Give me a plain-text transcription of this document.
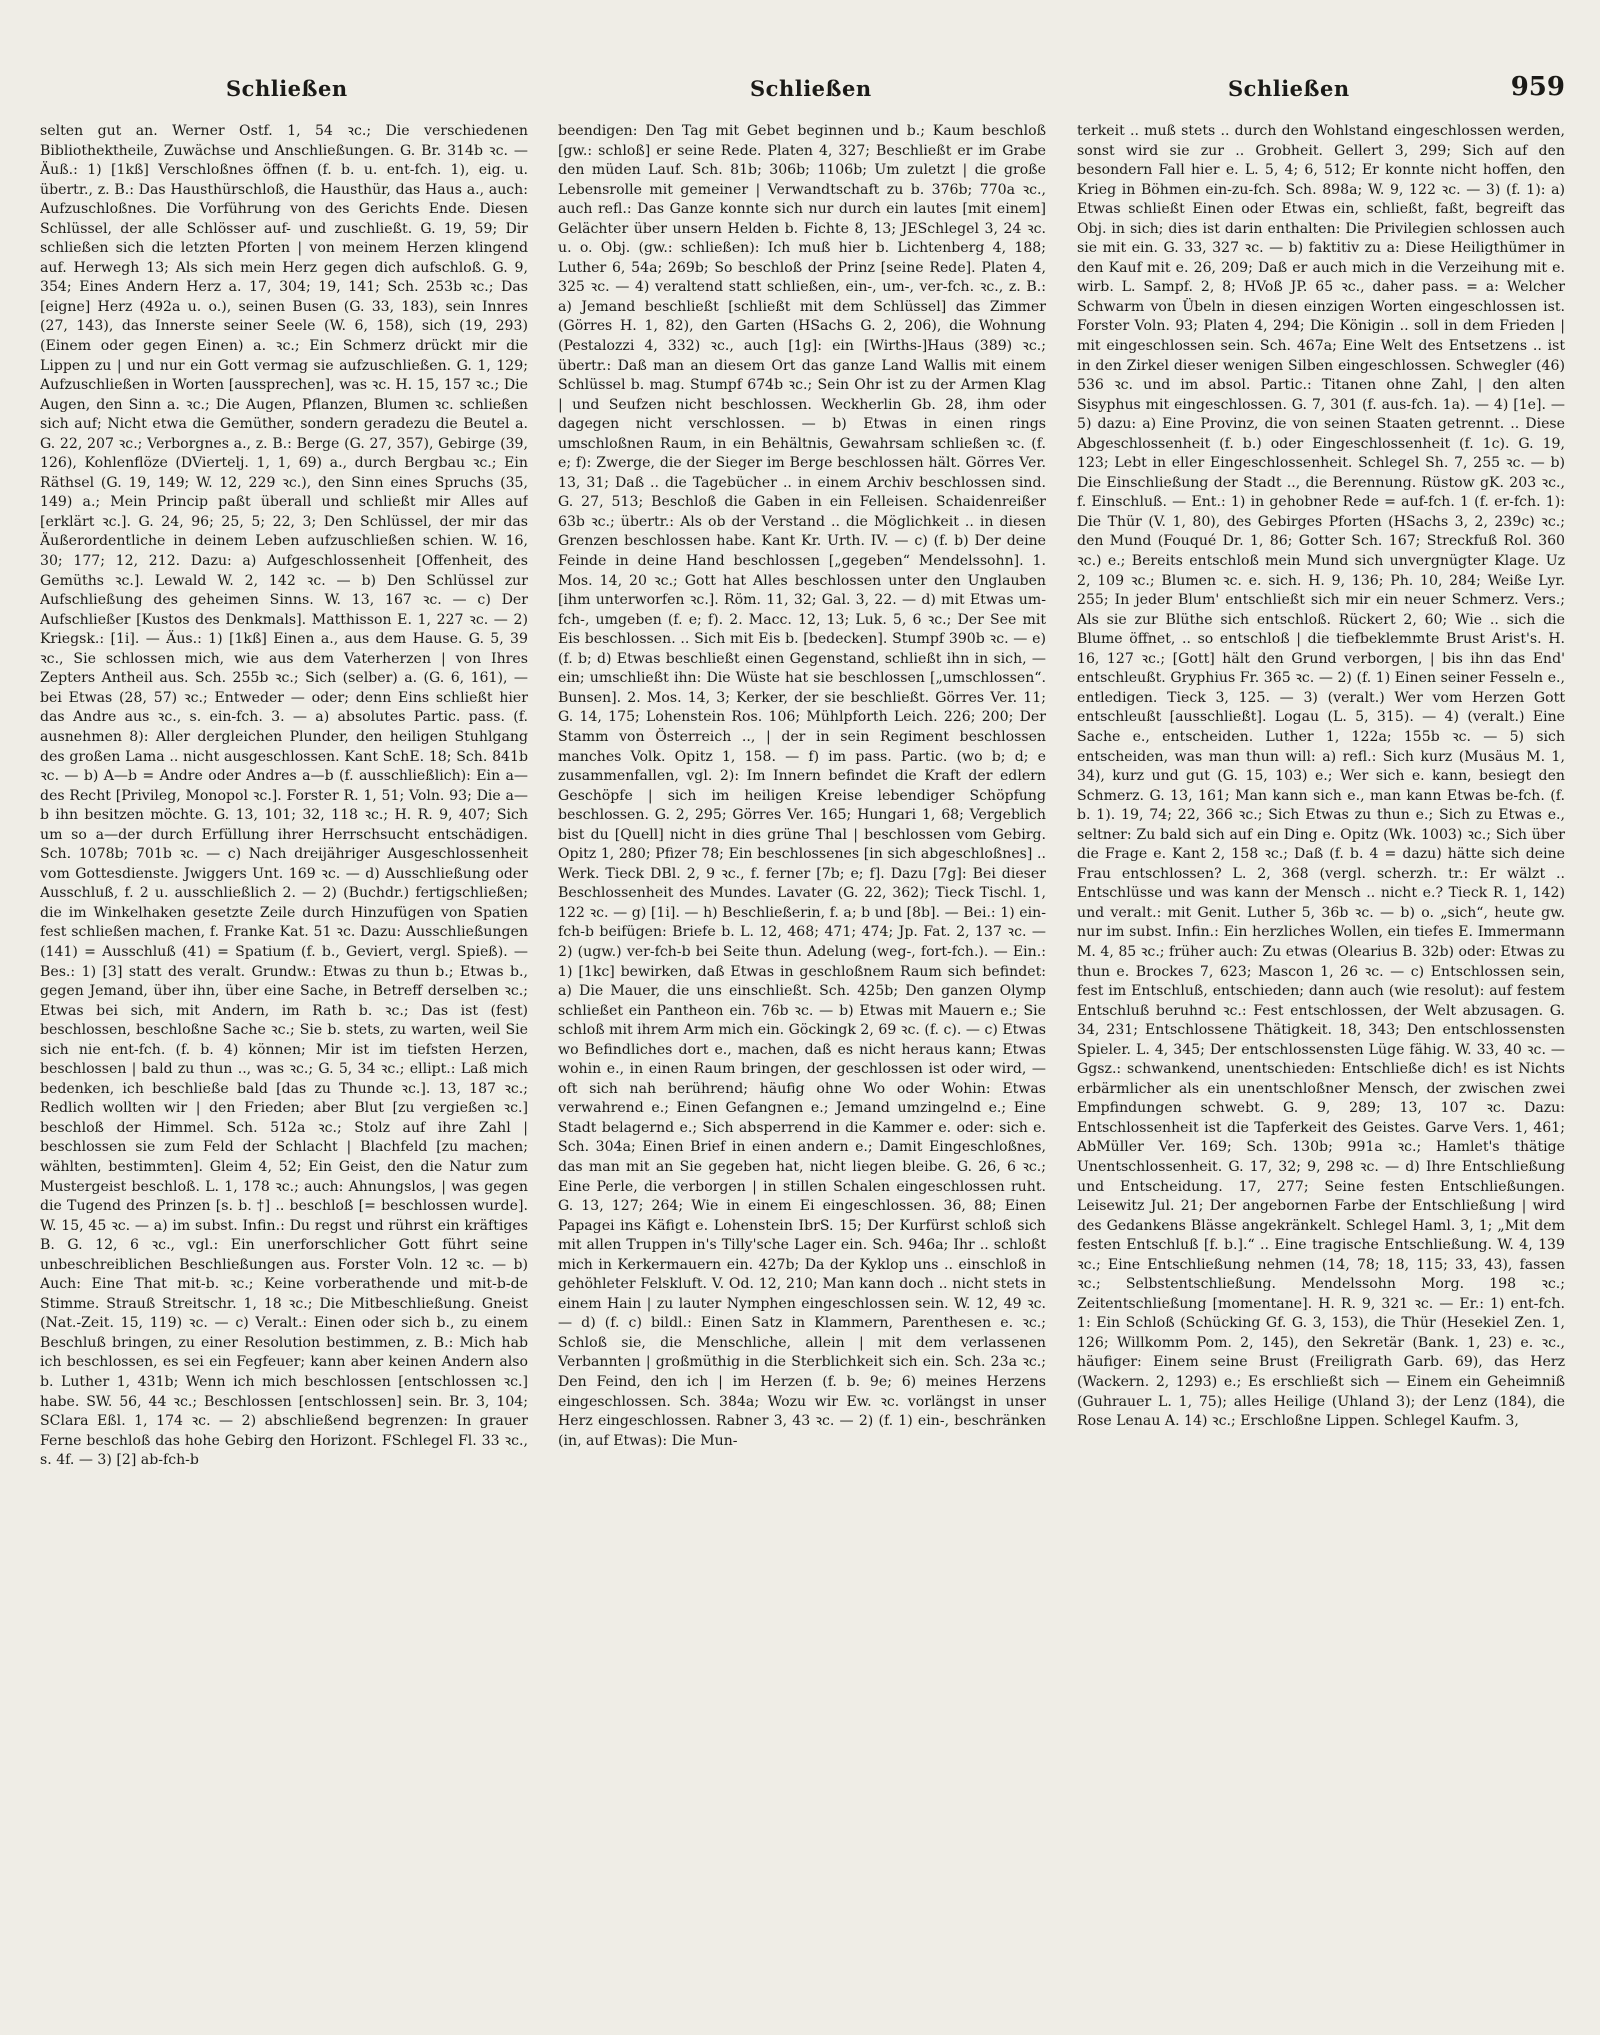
Schließen	Schließen	Schließen	959

selten gut an. Werner Ostf. 1, 54 ꝛc.; Die verschiedenen Bibliothektheile, Zuwächse und Anschließungen. G. Br. 314b ꝛc. — Äuß.: 1) [1kß] Verschloßnes öffnen (f. b. u. ent-fch. 1), eig. u. übertr., z. B.: Das Hausthürschloß, die Hausthür, das Haus a., auch: Aufzuschloßnes. Die Vorführung von des Gerichts Ende. Diesen Schlüssel, der alle Schlösser auf- und zuschließt. G. 19, 59; Dir schließen sich die letzten Pforten | von meinem Herzen klingend auf. Herwegh 13; Als sich mein Herz gegen dich aufschloß. G. 9, 354; Eines Andern Herz a. 17, 304; 19, 141; Sch. 253b ꝛc.; Das [eigne] Herz (492a u. o.), seinen Busen (G. 33, 183), sein Innres (27, 143), das Innerste seiner Seele (W. 6, 158), sich (19, 293) (Einem oder gegen Einen) a. ꝛc.; Ein Schmerz drückt mir die Lippen zu | und nur ein Gott vermag sie aufzuschließen. G. 1, 129; Aufzuschließen in Worten [aussprechen], was ꝛc. H. 15, 157 ꝛc.; Die Augen, den Sinn a. ꝛc.; Die Augen, Pflanzen, Blumen ꝛc. schließen sich auf; Nicht etwa die Gemüther, sondern geradezu die Beutel a. G. 22, 207 ꝛc.; Verborgnes a., z. B.: Berge (G. 27, 357), Gebirge (39, 126), Kohlenflöze (DViertelj. 1, 1, 69) a., durch Bergbau ꝛc.; Ein Räthsel (G. 19, 149; W. 12, 229 ꝛc.), den Sinn eines Spruchs (35, 149) a.; Mein Princip paßt überall und schließt mir Alles auf [erklärt ꝛc.]. G. 24, 96; 25, 5; 22, 3; Den Schlüssel, der mir das Äußerordentliche in deinem Leben aufzuschließen schien. W. 16, 30; 177; 12, 212. Dazu: a) Aufgeschlossenheit [Offenheit, des Gemüths ꝛc.]. Lewald W. 2, 142 ꝛc. — b) Den Schlüssel zur Aufschließung des geheimen Sinns. W. 13, 167 ꝛc. — c) Der Aufschließer [Kustos des Denkmals]. Matthisson E. 1, 227 ꝛc. — 2) Kriegsk.: [1i]. — Äus.: 1) [1kß] Einen a., aus dem Hause. G. 5, 39 ꝛc., Sie schlossen mich, wie aus dem Vaterherzen | von Ihres Zepters Antheil aus. Sch. 255b ꝛc.; Sich (selber) a. (G. 6, 161), — bei Etwas (28, 57) ꝛc.; Entweder — oder; denn Eins schließt hier das Andre aus ꝛc., s. ein-fch. 3. — a) absolutes Partic. pass. (f. ausnehmen 8): Aller dergleichen Plunder, den heiligen Stuhlgang des großen Lama .. nicht ausgeschlossen. Kant SchE. 18; Sch. 841b ꝛc. — b) A—b = Andre oder Andres a—b (f. ausschließlich): Ein a—des Recht [Privileg, Monopol ꝛc.]. Forster R. 1, 51; Voln. 93; Die a—b ihn besitzen möchte. G. 13, 101; 32, 118 ꝛc.; H. R. 9, 407; Sich um so a—der durch Erfüllung ihrer Herrschsucht entschädigen. Sch. 1078b; 701b ꝛc. — c) Nach dreijähriger Ausgeschlossenheit vom Gottesdienste. Jwiggers Unt. 169 ꝛc. — d) Ausschließung oder Ausschluß, f. 2 u. ausschließlich 2. — 2) (Buchdr.) fertigschließen; die im Winkelhaken gesetzte Zeile durch Hinzufügen von Spatien fest schließen machen, f. Franke Kat. 51 ꝛc. Dazu: Ausschließungen (141) = Ausschluß (41) = Spatium (f. b., Geviert, vergl. Spieß). — Bes.: 1) [3] statt des veralt. Grundw.: Etwas zu thun b.; Etwas b., gegen Jemand, über ihn, über eine Sache, in Betreff derselben ꝛc.; Etwas bei sich, mit Andern, im Rath b. ꝛc.; Das ist (fest) beschlossen, beschloßne Sache ꝛc.; Sie b. stets, zu warten, weil Sie sich nie ent-fch. (f. b. 4) können; Mir ist im tiefsten Herzen, beschlossen | bald zu thun .., was ꝛc.; G. 5, 34 ꝛc.; ellipt.: Laß mich bedenken, ich beschließe bald [das zu Thunde ꝛc.]. 13, 187 ꝛc.; Redlich wollten wir | den Frieden; aber Blut [zu vergießen ꝛc.] beschloß der Himmel. Sch. 512a ꝛc.; Stolz auf ihre Zahl | beschlossen sie zum Feld der Schlacht | Blachfeld [zu machen; wählten, bestimmten]. Gleim 4, 52; Ein Geist, den die Natur zum Mustergeist beschloß. L. 1, 178 ꝛc.; auch: Ahnungslos, | was gegen die Tugend des Prinzen [s. b. †] .. beschloß [= beschlossen wurde]. W. 15, 45 ꝛc. — a) im subst. Infin.: Du regst und rührst ein kräftiges B. G. 12, 6 ꝛc., vgl.: Ein unerforschlicher Gott führt seine unbeschreiblichen Beschließungen aus. Forster Voln. 12 ꝛc. — b) Auch: Eine That mit-b. ꝛc.; Keine vorberathende und mit-b-de Stimme. Strauß Streitschr. 1, 18 ꝛc.; Die Mitbeschließung. Gneist (Nat.-Zeit. 15, 119) ꝛc. — c) Veralt.: Einen oder sich b., zu einem Beschluß bringen, zu einer Resolution bestimmen, z. B.: Mich hab ich beschlossen, es sei ein Fegfeuer; kann aber keinen Andern also b. Luther 1, 431b; Wenn ich mich beschlossen [entschlossen ꝛc.] habe. SW. 56, 44 ꝛc.; Beschlossen [entschlossen] sein. Br. 3, 104; SClara Eßl. 1, 174 ꝛc. — 2) abschließend begrenzen: In grauer Ferne beschloß das hohe Gebirg den Horizont. FSchlegel Fl. 33 ꝛc., s. 4f. — 3) [2] ab-fch-b

beendigen: Den Tag mit Gebet beginnen und b.; Kaum beschloß [gw.: schloß] er seine Rede. Platen 4, 327; Beschließt er im Grabe den müden Lauf. Sch. 81b; 306b; 1106b; Um zuletzt | die große Lebensrolle mit gemeiner | Verwandtschaft zu b. 376b; 770a ꝛc., auch refl.: Das Ganze konnte sich nur durch ein lautes [mit einem] Gelächter über unsern Helden b. Fichte 8, 13; JESchlegel 3, 24 ꝛc. u. o. Obj. (gw.: schließen): Ich muß hier b. Lichtenberg 4, 188; Luther 6, 54a; 269b; So beschloß der Prinz [seine Rede]. Platen 4, 325 ꝛc. — 4) veraltend statt schließen, ein-, um-, ver-fch. ꝛc., z. B.: a) Jemand beschließt [schließt mit dem Schlüssel] das Zimmer (Görres H. 1, 82), den Garten (HSachs G. 2, 206), die Wohnung (Pestalozzi 4, 332) ꝛc., auch [1g]: ein [Wirths-]Haus (389) ꝛc.; übertr.: Daß man an diesem Ort das ganze Land Wallis mit einem Schlüssel b. mag. Stumpf 674b ꝛc.; Sein Ohr ist zu der Armen Klag | und Seufzen nicht beschlossen. Weckherlin Gb. 28, ihm oder dagegen nicht verschlossen. — b) Etwas in einen rings umschloßnen Raum, in ein Behältnis, Gewahrsam schließen ꝛc. (f. e; f): Zwerge, die der Sieger im Berge beschlossen hält. Görres Ver. 13, 31; Daß .. die Tagebücher .. in einem Archiv beschlossen sind. G. 27, 513; Beschloß die Gaben in ein Felleisen. Schaidenreißer 63b ꝛc.; übertr.: Als ob der Verstand .. die Möglichkeit .. in diesen Grenzen beschlossen habe. Kant Kr. Urth. IV. — c) (f. b) Der deine Feinde in deine Hand beschlossen [„gegeben“ Mendelssohn]. 1. Mos. 14, 20 ꝛc.; Gott hat Alles beschlossen unter den Unglauben [ihm unterworfen ꝛc.]. Röm. 11, 32; Gal. 3, 22. — d) mit Etwas um-fch-, umgeben (f. e; f). 2. Macc. 12, 13; Luk. 5, 6 ꝛc.; Der See mit Eis beschlossen. .. Sich mit Eis b. [bedecken]. Stumpf 390b ꝛc. — e) (f. b; d) Etwas beschließt einen Gegenstand, schließt ihn in sich, — ein; umschließt ihn: Die Wüste hat sie beschlossen [„umschlossen“. Bunsen]. 2. Mos. 14, 3; Kerker, der sie beschließt. Görres Ver. 11; G. 14, 175; Lohenstein Ros. 106; Mühlpforth Leich. 226; 200; Der Stamm von Österreich .., | der in sein Regiment beschlossen manches Volk. Opitz 1, 158. — f) im pass. Partic. (wo b; d; e zusammenfallen, vgl. 2): Im Innern befindet die Kraft der edlern Geschöpfe | sich im heiligen Kreise lebendiger Schöpfung beschlossen. G. 2, 295; Görres Ver. 165; Hungari 1, 68; Vergeblich bist du [Quell] nicht in dies grüne Thal | beschlossen vom Gebirg. Opitz 1, 280; Pfizer 78; Ein beschlossenes [in sich abgeschloßnes] .. Werk. Tieck DBl. 2, 9 ꝛc., f. ferner [7b; e; f]. Dazu [7g]: Bei dieser Beschlossenheit des Mundes. Lavater (G. 22, 362); Tieck Tischl. 1, 122 ꝛc. — g) [1i]. — h) Beschließerin, f. a; b und [8b]. — Bei.: 1) ein-fch-b beifügen: Briefe b. L. 12, 468; 471; 474; Jp. Fat. 2, 137 ꝛc. — 2) (ugw.) ver-fch-b bei Seite thun. Adelung (weg-, fort-fch.). — Ein.: 1) [1kc] bewirken, daß Etwas in geschloßnem Raum sich befindet: a) Die Mauer, die uns einschließt. Sch. 425b; Den ganzen Olymp schließet ein Pantheon ein. 76b ꝛc. — b) Etwas mit Mauern e.; Sie schloß mit ihrem Arm mich ein. Göckingk 2, 69 ꝛc. (f. c). — c) Etwas wo Befindliches dort e., machen, daß es nicht heraus kann; Etwas wohin e., in einen Raum bringen, der geschlossen ist oder wird, — oft sich nah berührend; häufig ohne Wo oder Wohin: Etwas verwahrend e.; Einen Gefangnen e.; Jemand umzingelnd e.; Eine Stadt belagernd e.; Sich absperrend in die Kammer e. oder: sich e. Sch. 304a; Einen Brief in einen andern e.; Damit Eingeschloßnes, das man mit an Sie gegeben hat, nicht liegen bleibe. G. 26, 6 ꝛc.; Eine Perle, die verborgen | in stillen Schalen eingeschlossen ruht. G. 13, 127; 264; Wie in einem Ei eingeschlossen. 36, 88; Einen Papagei ins Käfigt e. Lohenstein IbrS. 15; Der Kurfürst schloß sich mit allen Truppen in's Tilly'sche Lager ein. Sch. 946a; Ihr .. schloßt mich in Kerkermauern ein. 427b; Da der Kyklop uns .. einschloß in gehöhleter Felskluft. V. Od. 12, 210; Man kann doch .. nicht stets in einem Hain | zu lauter Nymphen eingeschlossen sein. W. 12, 49 ꝛc. — d) (f. c) bildl.: Einen Satz in Klammern, Parenthesen e. ꝛc.; Schloß sie, die Menschliche, allein | mit dem verlassenen Verbannten | großmüthig in die Sterblichkeit sich ein. Sch. 23a ꝛc.; Den Feind, den ich | im Herzen (f. b. 9e; 6) meines Herzens eingeschlossen. Sch. 384a; Wozu wir Ew. ꝛc. vorlängst in unser Herz eingeschlossen. Rabner 3, 43 ꝛc. — 2) (f. 1) ein-, beschränken (in, auf Etwas): Die Mun-

terkeit .. muß stets .. durch den Wohlstand eingeschlossen werden, sonst wird sie zur .. Grobheit. Gellert 3, 299; Sich auf den besondern Fall hier e. L. 5, 4; 6, 512; Er konnte nicht hoffen, den Krieg in Böhmen ein-zu-fch. Sch. 898a; W. 9, 122 ꝛc. — 3) (f. 1): a) Etwas schließt Einen oder Etwas ein, schließt, faßt, begreift das Obj. in sich; dies ist darin enthalten: Die Privilegien schlossen auch sie mit ein. G. 33, 327 ꝛc. — b) faktitiv zu a: Diese Heiligthümer in den Kauf mit e. 26, 209; Daß er auch mich in die Verzeihung mit e. wirb. L. Sampf. 2, 8; HVoß JP. 65 ꝛc., daher pass. = a: Welcher Schwarm von Übeln in diesen einzigen Worten eingeschlossen ist. Forster Voln. 93; Platen 4, 294; Die Königin .. soll in dem Frieden | mit eingeschlossen sein. Sch. 467a; Eine Welt des Entsetzens .. ist in den Zirkel dieser wenigen Silben eingeschlossen. Schwegler (46) 536 ꝛc. und im absol. Partic.: Titanen ohne Zahl, | den alten Sisyphus mit eingeschlossen. G. 7, 301 (f. aus-fch. 1a). — 4) [1e]. — 5) dazu: a) Eine Provinz, die von seinen Staaten getrennt. .. Diese Abgeschlossenheit (f. b.) oder Eingeschlossenheit (f. 1c). G. 19, 123; Lebt in eller Eingeschlossenheit. Schlegel Sh. 7, 255 ꝛc. — b) Die Einschließung der Stadt .., die Berennung. Rüstow gK. 203 ꝛc., f. Einschluß. — Ent.: 1) in gehobner Rede = auf-fch. 1 (f. er-fch. 1): Die Thür (V. 1, 80), des Gebirges Pforten (HSachs 3, 2, 239c) ꝛc.; den Mund (Fouqué Dr. 1, 86; Gotter Sch. 167; Streckfuß Rol. 360 ꝛc.) e.; Bereits entschloß mein Mund sich unvergnügter Klage. Uz 2, 109 ꝛc.; Blumen ꝛc. e. sich. H. 9, 136; Ph. 10, 284; Weiße Lyr. 255; In jeder Blum' entschließt sich mir ein neuer Schmerz. Vers.; Als sie zur Blüthe sich entschloß. Rückert 2, 60; Wie .. sich die Blume öffnet, .. so entschloß | die tiefbeklemmte Brust Arist's. H. 16, 127 ꝛc.; [Gott] hält den Grund verborgen, | bis ihn das End' entschleußt. Gryphius Fr. 365 ꝛc. — 2) (f. 1) Einen seiner Fesseln e., entledigen. Tieck 3, 125. — 3) (veralt.) Wer vom Herzen Gott entschleußt [ausschließt]. Logau (L. 5, 315). — 4) (veralt.) Eine Sache e., entscheiden. Luther 1, 122a; 155b ꝛc. — 5) sich entscheiden, was man thun will: a) refl.: Sich kurz (Musäus M. 1, 34), kurz und gut (G. 15, 103) e.; Wer sich e. kann, besiegt den Schmerz. G. 13, 161; Man kann sich e., man kann Etwas be-fch. (f. b. 1). 19, 74; 22, 366 ꝛc.; Sich Etwas zu thun e.; Sich zu Etwas e., seltner: Zu bald sich auf ein Ding e. Opitz (Wk. 1003) ꝛc.; Sich über die Frage e. Kant 2, 158 ꝛc.; Daß (f. b. 4 = dazu) hätte sich deine Frau entschlossen? L. 2, 368 (vergl. scherzh. tr.: Er wälzt .. Entschlüsse und was kann der Mensch .. nicht e.? Tieck R. 1, 142) und veralt.: mit Genit. Luther 5, 36b ꝛc. — b) o. „sich“, heute gw. nur im subst. Infin.: Ein herzliches Wollen, ein tiefes E. Immermann M. 4, 85 ꝛc.; früher auch: Zu etwas (Olearius B. 32b) oder: Etwas zu thun e. Brockes 7, 623; Mascon 1, 26 ꝛc. — c) Entschlossen sein, fest im Entschluß, entschieden; dann auch (wie resolut): auf festem Entschluß beruhnd ꝛc.: Fest entschlossen, der Welt abzusagen. G. 34, 231; Entschlossene Thätigkeit. 18, 343; Den entschlossensten Spieler. L. 4, 345; Der entschlossensten Lüge fähig. W. 33, 40 ꝛc. — Ggsz.: schwankend, unentschieden: Entschließe dich! es ist Nichts erbärmlicher als ein unentschloßner Mensch, der zwischen zwei Empfindungen schwebt. G. 9, 289; 13, 107 ꝛc. Dazu: Entschlossenheit ist die Tapferkeit des Geistes. Garve Vers. 1, 461; AbMüller Ver. 169; Sch. 130b; 991a ꝛc.; Hamlet's thätige Unentschlossenheit. G. 17, 32; 9, 298 ꝛc. — d) Ihre Entschließung und Entscheidung. 17, 277; Seine festen Entschließungen. Leisewitz Jul. 21; Der angebornen Farbe der Entschließung | wird des Gedankens Blässe angekränkelt. Schlegel Haml. 3, 1; „Mit dem festen Entschluß [f. b.].“ .. Eine tragische Entschließung. W. 4, 139 ꝛc.; Eine Entschließung nehmen (14, 78; 18, 115; 33, 43), fassen ꝛc.; Selbstentschließung. Mendelssohn Morg. 198 ꝛc.; Zeitentschließung [momentane]. H. R. 9, 321 ꝛc. — Er.: 1) ent-fch. 1: Ein Schloß (Schücking Gf. G. 3, 153), die Thür (Hesekiel Zen. 1, 126; Willkomm Pom. 2, 145), den Sekretär (Bank. 1, 23) e. ꝛc., häufiger: Einem seine Brust (Freiligrath Garb. 69), das Herz (Wackern. 2, 1293) e.; Es erschließt sich — Einem ein Geheimniß (Guhrauer L. 1, 75); alles Heilige (Uhland 3); der Lenz (184), die Rose Lenau A. 14) ꝛc.; Erschloßne Lippen. Schlegel Kaufm. 3,
